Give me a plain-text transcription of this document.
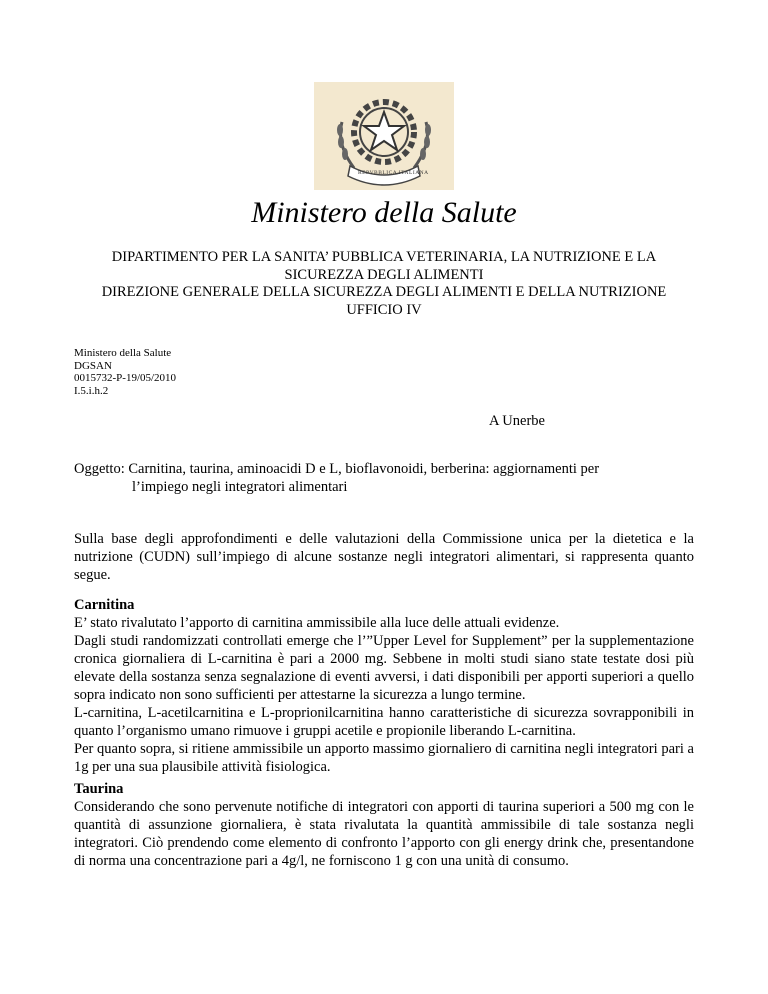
REPVBBLICA ITALIANA
Ministero della Salute
DIPARTIMENTO PER LA SANITA’ PUBBLICA VETERINARIA, LA NUTRIZIONE E LA
SICUREZZA DEGLI ALIMENTI
DIREZIONE GENERALE DELLA SICUREZZA DEGLI ALIMENTI E DELLA NUTRIZIONE
UFFICIO IV
Ministero della Salute
DGSAN
0015732-P-19/05/2010
I.5.i.h.2
A Unerbe
Oggetto: Carnitina, taurina, aminoacidi D e L, bioflavonoidi, berberina: aggiornamenti per
l’impiego negli integratori alimentari

Sulla base degli approfondimenti e delle valutazioni della Commissione unica per la dietetica e la nutrizione (CUDN) sull’impiego di alcune sostanze negli integratori alimentari, si rappresenta quanto segue.

Carnitina

E’ stato rivalutato l’apporto di carnitina ammissibile alla luce delle attuali evidenze.

Dagli studi randomizzati controllati emerge che l’”Upper Level for Supplement” per la supplementazione cronica giornaliera di L-carnitina è pari a 2000 mg. Sebbene in molti studi siano state testate dosi più elevate della sostanza senza segnalazione di eventi avversi, i dati disponibili per apporti superiori a quello sopra indicato non sono sufficienti per attestarne la sicurezza a lungo termine.

L-carnitina, L-acetilcarnitina e L-proprionilcarnitina hanno caratteristiche di sicurezza sovrapponibili in quanto l’organismo umano rimuove i gruppi acetile e propionile liberando L-carnitina.

Per quanto sopra, si ritiene ammissibile un apporto massimo giornaliero di carnitina negli integratori pari a 1g per una sua plausibile attività fisiologica.

Taurina

Considerando che sono pervenute notifiche di integratori con apporti di taurina superiori a 500 mg con le quantità di assunzione giornaliera, è stata rivalutata la quantità ammissibile di tale sostanza negli integratori. Ciò prendendo come elemento di confronto l’apporto con gli energy drink che, presentandone di norma una concentrazione pari a 4g/l, ne forniscono 1 g con una unità di consumo.
